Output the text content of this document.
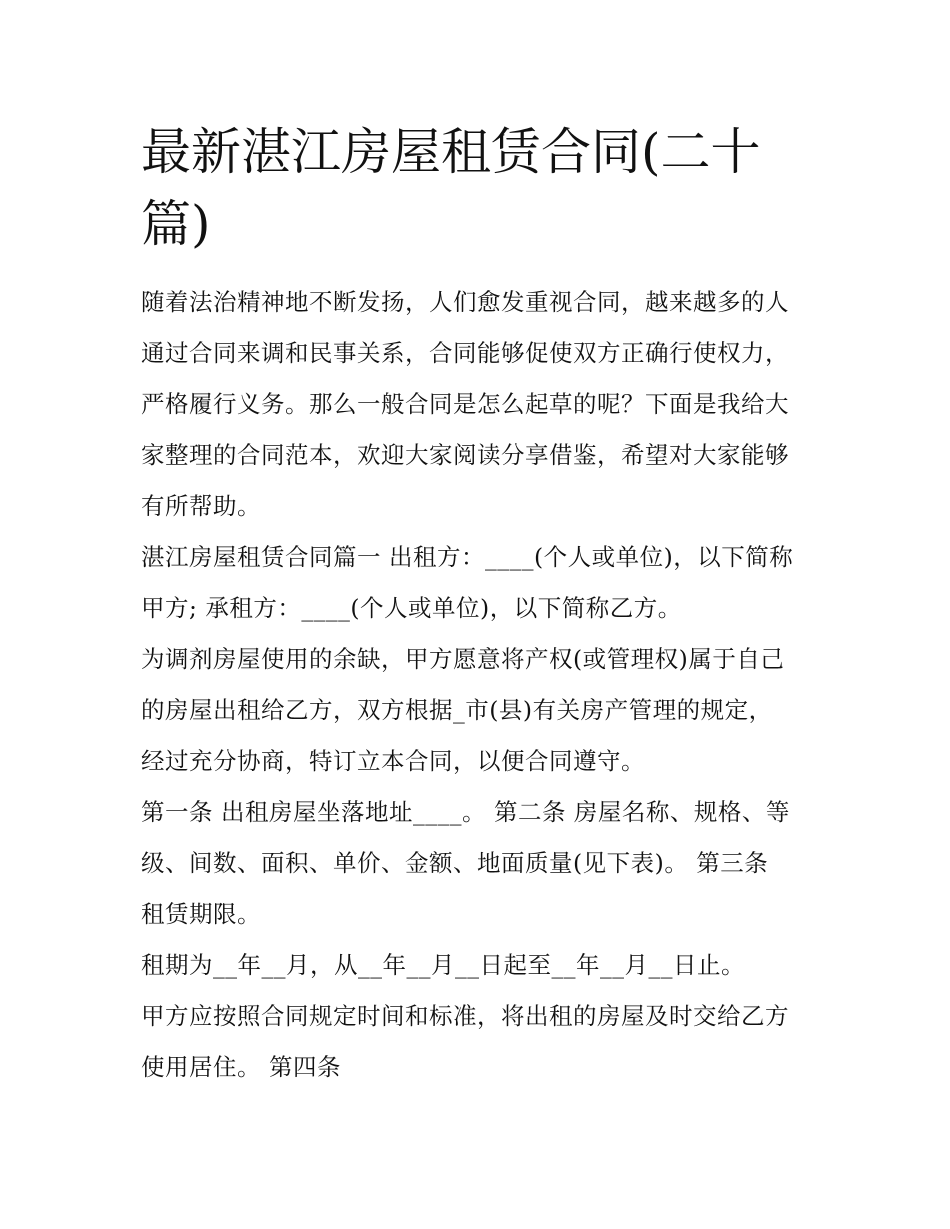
最新湛江房屋租赁合同(二十
篇)

随着法治精神地不断发扬，人们愈发重视合同，越来越多的人
通过合同来调和民事关系，合同能够促使双方正确行使权力，
严格履行义务。那么一般合同是怎么起草的呢？下面是我给大
家整理的合同范本，欢迎大家阅读分享借鉴，希望对大家能够
有所帮助。

湛江房屋租赁合同篇一 出租方：____(个人或单位)，以下简称
甲方; 承租方：____(个人或单位)，以下简称乙方。

为调剂房屋使用的余缺，甲方愿意将产权(或管理权)属于自己
的房屋出租给乙方，双方根据_市(县)有关房产管理的规定，
经过充分协商，特订立本合同，以便合同遵守。

第一条 出租房屋坐落地址____。 第二条 房屋名称、规格、等
级、间数、面积、单价、金额、地面质量(见下表)。 第三条
租赁期限。

租期为__年__月，从__年__月__日起至__年__月__日止。

甲方应按照合同规定时间和标准，将出租的房屋及时交给乙方
使用居住。 第四条
